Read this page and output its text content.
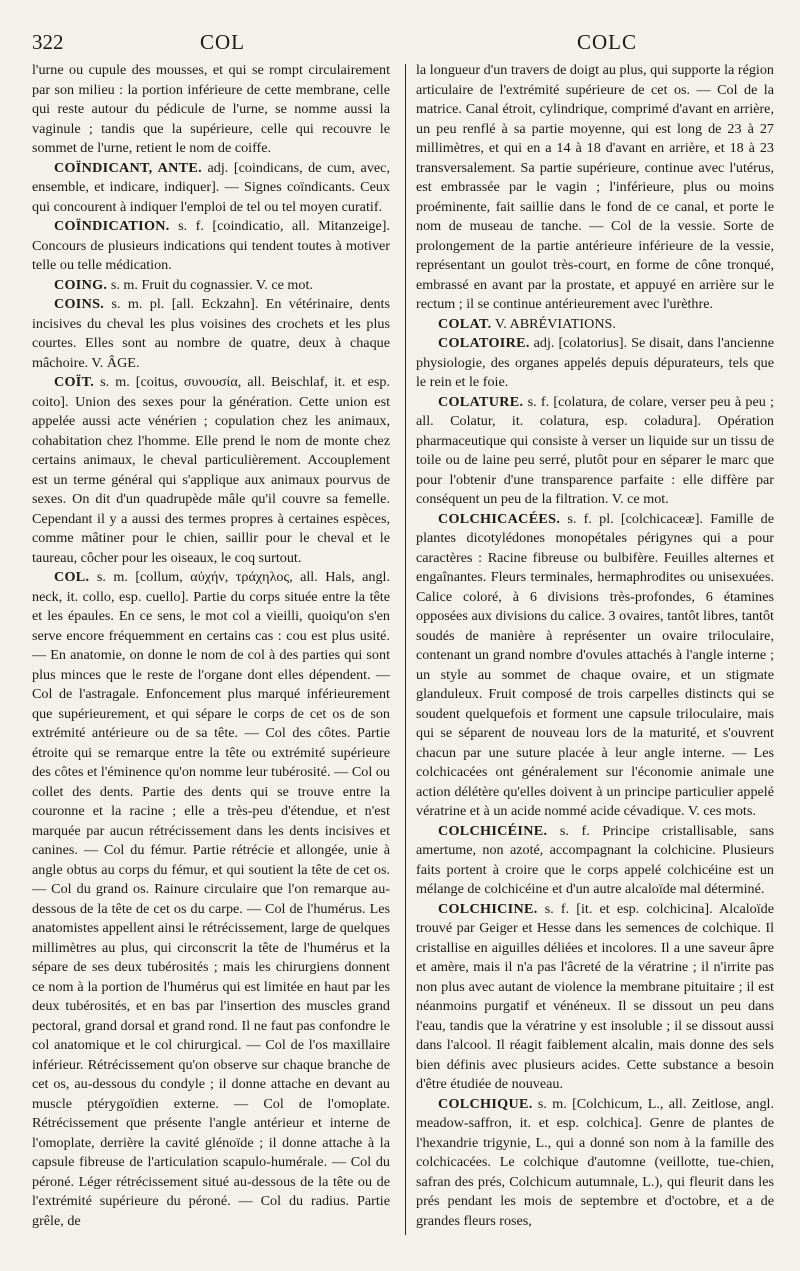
322	COL	COLC

l'urne ou cupule des mousses, et qui se rompt circulairement par son milieu : la portion inférieure de cette membrane, celle qui reste autour du pédicule de l'urne, se nomme aussi la vaginule ; tandis que la supérieure, celle qui recouvre le sommet de l'urne, retient le nom de coiffe.

COÏNDICANT, ANTE. adj. [coindicans, de cum, avec, ensemble, et indicare, indiquer]. — Signes coïndicants. Ceux qui concourent à indiquer l'emploi de tel ou tel moyen curatif.

COÏNDICATION. s. f. [coindicatio, all. Mitanzeige]. Concours de plusieurs indications qui tendent toutes à motiver telle ou telle médication.

COING. s. m. Fruit du cognassier. V. ce mot.

COINS. s. m. pl. [all. Eckzahn]. En vétérinaire, dents incisives du cheval les plus voisines des crochets et les plus courtes. Elles sont au nombre de quatre, deux à chaque mâchoire. V. ÂGE.

COÏT. s. m. [coitus, συνουσία, all. Beischlaf, it. et esp. coito]. Union des sexes pour la génération. Cette union est appelée aussi acte vénérien ; copulation chez les animaux, cohabitation chez l'homme. Elle prend le nom de monte chez certains animaux, le cheval particulièrement. Accouplement est un terme général qui s'applique aux animaux pourvus de sexes. On dit d'un quadrupède mâle qu'il couvre sa femelle. Cependant il y a aussi des termes propres à certaines espèces, comme mâtiner pour le chien, saillir pour le cheval et le taureau, côcher pour les oiseaux, le coq surtout.

COL. s. m. [collum, αὐχήν, τράχηλος, all. Hals, angl. neck, it. collo, esp. cuello]. Partie du corps située entre la tête et les épaules. En ce sens, le mot col a vieilli, quoiqu'on s'en serve encore fréquemment en certains cas : cou est plus usité. — En anatomie, on donne le nom de col à des parties qui sont plus minces que le reste de l'organe dont elles dépendent. — Col de l'astragale. Enfoncement plus marqué inférieurement que supérieurement, et qui sépare le corps de cet os de son extrémité antérieure ou de sa tête. — Col des côtes. Partie étroite qui se remarque entre la tête ou extrémité supérieure des côtes et l'éminence qu'on nomme leur tubérosité. — Col ou collet des dents. Partie des dents qui se trouve entre la couronne et la racine ; elle a très-peu d'étendue, et n'est marquée par aucun rétrécissement dans les dents incisives et canines. — Col du fémur. Partie rétrécie et allongée, unie à angle obtus au corps du fémur, et qui soutient la tête de cet os. — Col du grand os. Rainure circulaire que l'on remarque au-dessous de la tête de cet os du carpe. — Col de l'humérus. Les anatomistes appellent ainsi le rétrécissement, large de quelques millimètres au plus, qui circonscrit la tête de l'humérus et la sépare de ses deux tubérosités ; mais les chirurgiens donnent ce nom à la portion de l'humérus qui est limitée en haut par les deux tubérosités, et en bas par l'insertion des muscles grand pectoral, grand dorsal et grand rond. Il ne faut pas confondre le col anatomique et le col chirurgical. — Col de l'os maxillaire inférieur. Rétrécissement qu'on observe sur chaque branche de cet os, au-dessous du condyle ; il donne attache en devant au muscle ptérygoïdien externe. — Col de l'omoplate. Rétrécissement que présente l'angle antérieur et interne de l'omoplate, derrière la cavité glénoïde ; il donne attache à la capsule fibreuse de l'articulation scapulo-humérale. — Col du péroné. Léger rétrécissement situé au-dessous de la tête ou de l'extrémité supérieure du péroné. — Col du radius. Partie grêle, de

la longueur d'un travers de doigt au plus, qui supporte la région articulaire de l'extrémité supérieure de cet os. — Col de la matrice. Canal étroit, cylindrique, comprimé d'avant en arrière, un peu renflé à sa partie moyenne, qui est long de 23 à 27 millimètres, et qui en a 14 à 18 d'avant en arrière, et 18 à 23 transversalement. Sa partie supérieure, continue avec l'utérus, est embrassée par le vagin ; l'inférieure, plus ou moins proéminente, fait saillie dans le fond de ce canal, et porte le nom de museau de tanche. — Col de la vessie. Sorte de prolongement de la partie antérieure inférieure de la vessie, représentant un goulot très-court, en forme de cône tronqué, embrassé en avant par la prostate, et appuyé en arrière sur le rectum ; il se continue antérieurement avec l'urèthre.

COLAT. V. ABRÉVIATIONS.

COLATOIRE. adj. [colatorius]. Se disait, dans l'ancienne physiologie, des organes appelés depuis dépurateurs, tels que le rein et le foie.

COLATURE. s. f. [colatura, de colare, verser peu à peu ; all. Colatur, it. colatura, esp. coladura]. Opération pharmaceutique qui consiste à verser un liquide sur un tissu de toile ou de laine peu serré, plutôt pour en séparer le marc que pour l'obtenir d'une transparence parfaite : elle diffère par conséquent un peu de la filtration. V. ce mot.

COLCHICACÉES. s. f. pl. [colchicaceæ]. Famille de plantes dicotylédones monopétales périgynes qui a pour caractères : Racine fibreuse ou bulbifère. Feuilles alternes et engaînantes. Fleurs terminales, hermaphrodites ou unisexuées. Calice coloré, à 6 divisions très-profondes, 6 étamines opposées aux divisions du calice. 3 ovaires, tantôt libres, tantôt soudés de manière à représenter un ovaire triloculaire, contenant un grand nombre d'ovules attachés à l'angle interne ; un style au sommet de chaque ovaire, et un stigmate glanduleux. Fruit composé de trois carpelles distincts qui se soudent quelquefois et forment une capsule triloculaire, mais qui se séparent de nouveau lors de la maturité, et s'ouvrent chacun par une suture placée à leur angle interne. — Les colchicacées ont généralement sur l'économie animale une action délétère qu'elles doivent à un principe particulier appelé vératrine et à un acide nommé acide cévadique. V. ces mots.

COLCHICÉINE. s. f. Principe cristallisable, sans amertume, non azoté, accompagnant la colchicine. Plusieurs faits portent à croire que le corps appelé colchicéine est un mélange de colchicéine et d'un autre alcaloïde mal déterminé.

COLCHICINE. s. f. [it. et esp. colchicina]. Alcaloïde trouvé par Geiger et Hesse dans les semences de colchique. Il cristallise en aiguilles déliées et incolores. Il a une saveur âpre et amère, mais il n'a pas l'âcreté de la vératrine ; il n'irrite pas non plus avec autant de violence la membrane pituitaire ; il est néanmoins purgatif et vénéneux. Il se dissout un peu dans l'eau, tandis que la vératrine y est insoluble ; il se dissout aussi dans l'alcool. Il réagit faiblement alcalin, mais donne des sels bien définis avec plusieurs acides. Cette substance a besoin d'être étudiée de nouveau.

COLCHIQUE. s. m. [Colchicum, L., all. Zeitlose, angl. meadow-saffron, it. et esp. colchica]. Genre de plantes de l'hexandrie trigynie, L., qui a donné son nom à la famille des colchicacées. Le colchique d'automne (veillotte, tue-chien, safran des prés, Colchicum autumnale, L.), qui fleurit dans les prés pendant les mois de septembre et d'octobre, et a de grandes fleurs roses,
